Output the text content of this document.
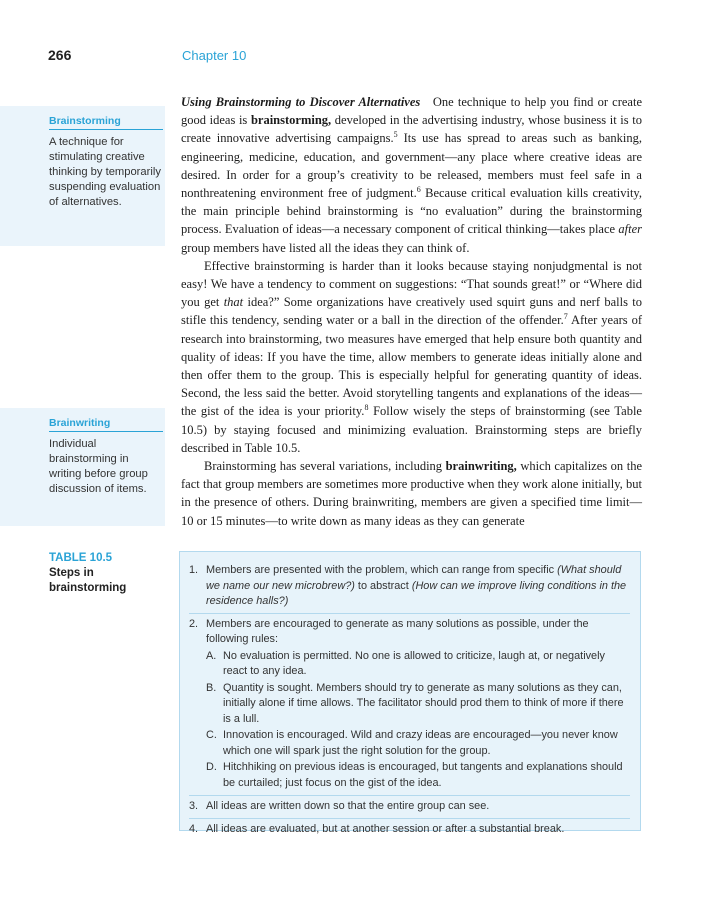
266	Chapter 10
Brainstorming
A technique for stimulating creative thinking by temporarily suspending evaluation of alternatives.
Brainwriting
Individual brainstorming in writing before group discussion of items.

Using Brainstorming to Discover Alternatives One technique to help you find or create good ideas is brainstorming, developed in the advertising industry, whose business it is to create innovative advertising campaigns.$^5$ Its use has spread to areas such as banking, engineering, medicine, education, and government—any place where creative ideas are desired. In order for a group’s creativity to be released, members must feel safe in a nonthreatening environment free of judgment.$^6$ Because critical evaluation kills creativity, the main principle behind brainstorming is “no evaluation” during the brainstorming process. Evaluation of ideas—a necessary component of critical thinking—takes place after group members have listed all the ideas they can think of.

Effective brainstorming is harder than it looks because staying nonjudgmental is not easy! We have a tendency to comment on suggestions: “That sounds great!” or “Where did you get that idea?” Some organizations have creatively used squirt guns and nerf balls to stifle this tendency, sending water or a ball in the direction of the offender.$^7$ After years of research into brainstorming, two measures have emerged that help ensure both quantity and quality of ideas: If you have the time, allow members to generate ideas initially alone and then offer them to the group. This is especially helpful for generating quantity of ideas. Second, the less said the better. Avoid storytelling tangents and explanations of the ideas—the gist of the idea is your priority.$^8$ Follow wisely the steps of brainstorming (see Table 10.5) by staying focused and minimizing evaluation. Brainstorming steps are briefly described in Table 10.5.

Brainstorming has several variations, including brainwriting, which capitalizes on the fact that group members are sometimes more productive when they work alone initially, but in the presence of others. During brainwriting, members are given a specified time limit—10 or 15 minutes—to write down as many ideas as they can generate

TABLE 10.5
Steps in brainstorming
1. Members are presented with the problem, which can range from specific (What should we name our new microbrew?) to abstract (How can we improve living conditions in the residence halls?)
2. Members are encouraged to generate as many solutions as possible, under the following rules:
A. No evaluation is permitted. No one is allowed to criticize, laugh at, or negatively react to any idea.
B. Quantity is sought. Members should try to generate as many solutions as they can, initially alone if time allows. The facilitator should prod them to think of more if there is a lull.
C. Innovation is encouraged. Wild and crazy ideas are encouraged—you never know which one will spark just the right solution for the group.
D. Hitchhiking on previous ideas is encouraged, but tangents and explanations should be curtailed; just focus on the gist of the idea.
3. All ideas are written down so that the entire group can see.
4. All ideas are evaluated, but at another session or after a substantial break.
